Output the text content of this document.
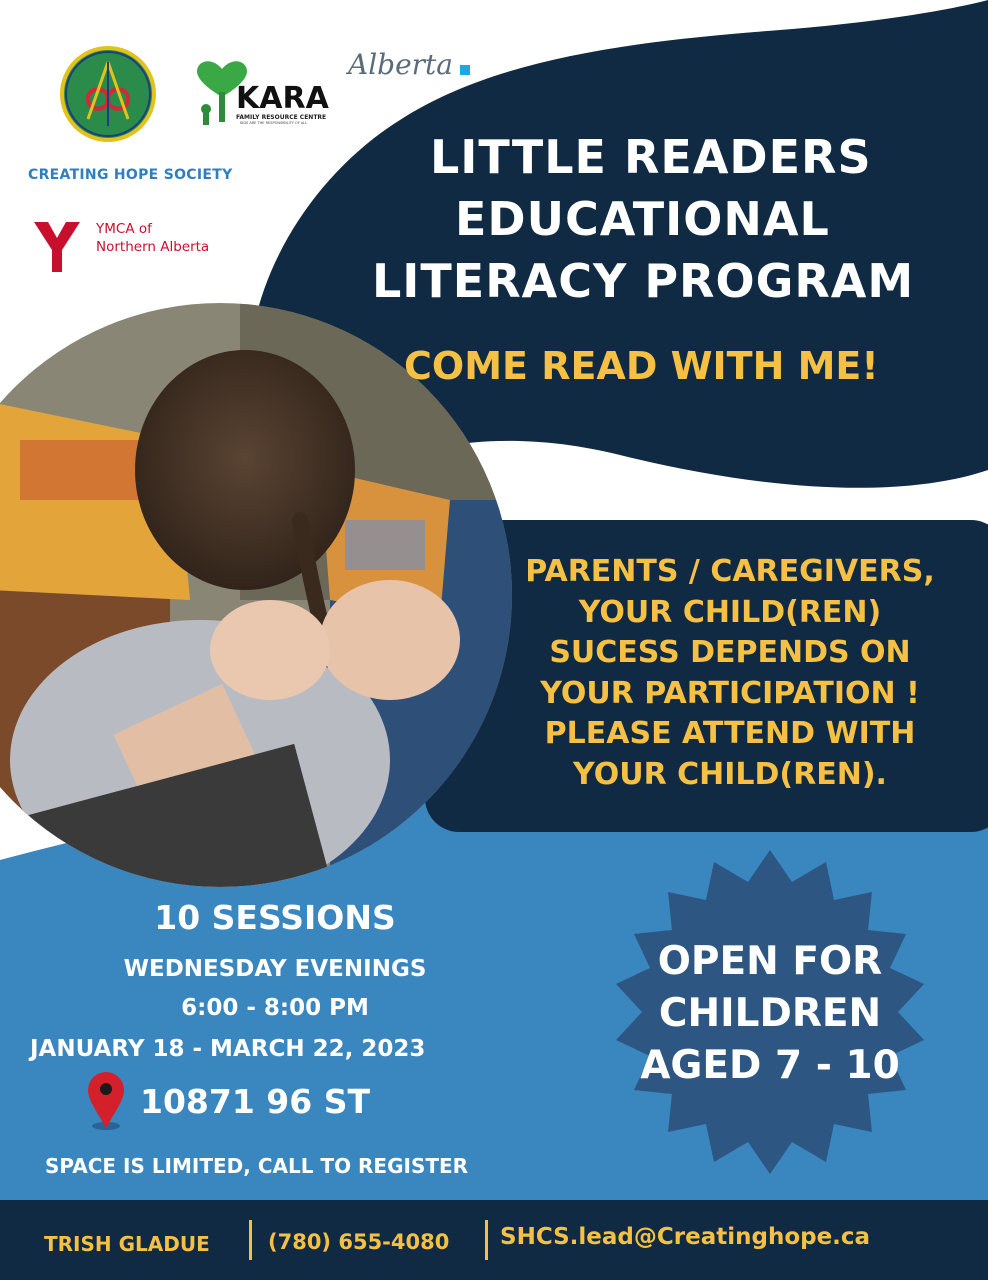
CREATING HOPE SOCIETY
KARA
FAMILY RESOURCE CENTRE
KIDS ARE THE RESPONSIBILITY OF ALL
Alberta
YMCA of
Northern Alberta
LITTLE READERS
EDUCATIONAL
LITERACY PROGRAM
COME READ WITH ME!
PARENTS / CAREGIVERS,
YOUR CHILD(REN)
SUCESS DEPENDS ON
YOUR PARTICIPATION !
PLEASE ATTEND WITH
YOUR CHILD(REN).
10 SESSIONS
WEDNESDAY EVENINGS
6:00 - 8:00 PM
JANUARY 18 - MARCH 22, 2023
10871 96 ST
SPACE IS LIMITED, CALL TO REGISTER
OPEN FOR
CHILDREN
AGED 7 - 10
TRISH GLADUE	(780) 655-4080 SHCS.lead@Creatinghope.ca
